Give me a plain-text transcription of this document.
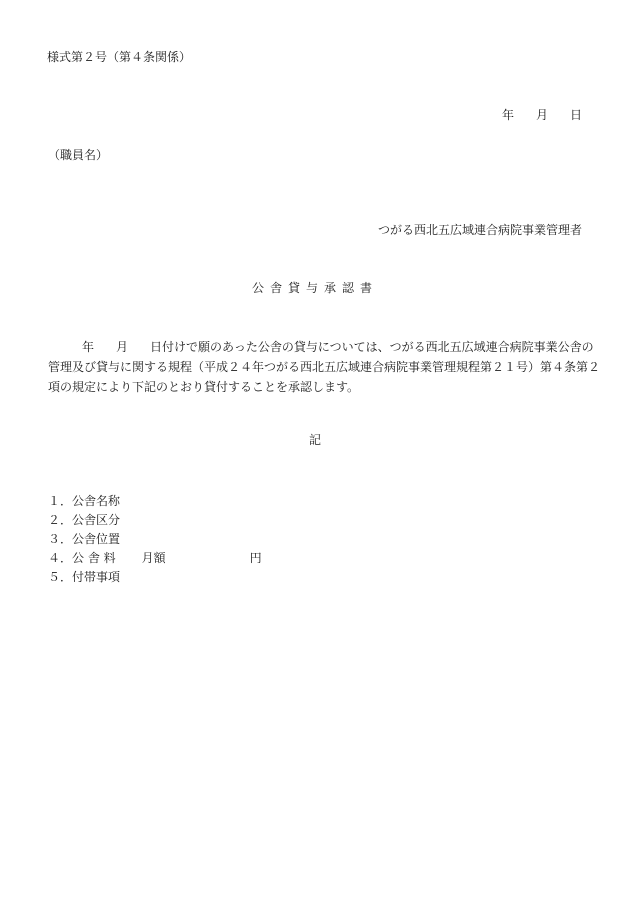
様式第２号（第４条関係）
年 月 日
（職員名）
つがる西北五広域連合病院事業管理者
公舎貸与承認書
年 月 日付けで願のあった公舎の貸与については、つがる西北五広域連合病院事業公舎の
管理及び貸与に関する規程（平成２４年つがる西北五広域連合病院事業管理規程第２１号）第４条第２
項の規定により下記のとおり貸付することを承認します。
記
１．公舎名称
２．公舎区分
３．公舎位置
４．公 舎 料 月額	円
５．付帯事項
